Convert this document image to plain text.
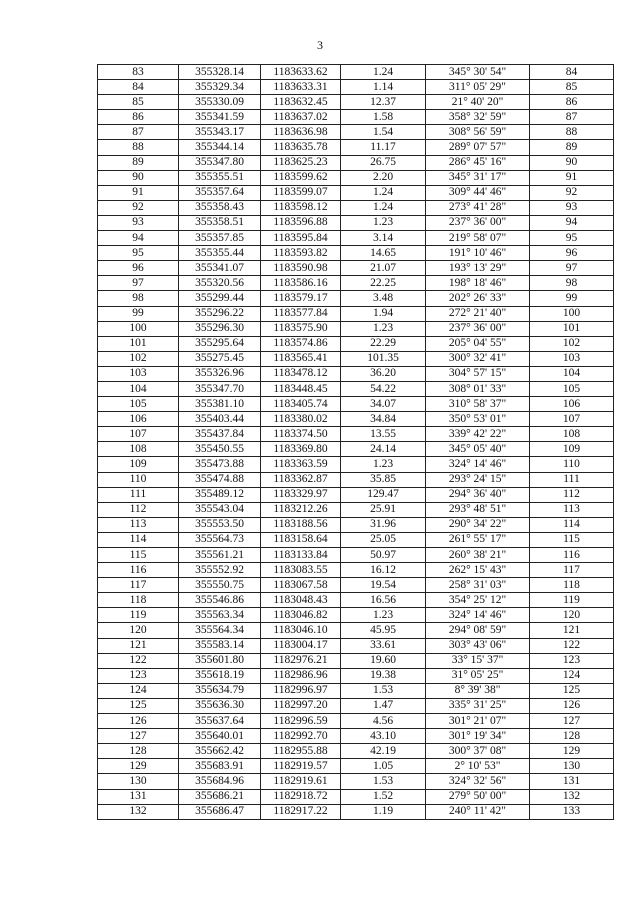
3
83	355328.14	1183633.62	1.24	345° 30' 54"	84
84	355329.34	1183633.31	1.14	311° 05' 29"	85
85	355330.09	1183632.45	12.37	21° 40' 20"	86
86	355341.59	1183637.02	1.58	358° 32' 59"	87
87	355343.17	1183636.98	1.54	308° 56' 59"	88
88	355344.14	1183635.78	11.17	289° 07' 57"	89
89	355347.80	1183625.23	26.75	286° 45' 16"	90
90	355355.51	1183599.62	2.20	345° 31' 17"	91
91	355357.64	1183599.07	1.24	309° 44' 46"	92
92	355358.43	1183598.12	1.24	273° 41' 28"	93
93	355358.51	1183596.88	1.23	237° 36' 00"	94
94	355357.85	1183595.84	3.14	219° 58' 07"	95
95	355355.44	1183593.82	14.65	191° 10' 46"	96
96	355341.07	1183590.98	21.07	193° 13' 29"	97
97	355320.56	1183586.16	22.25	198° 18' 46"	98
98	355299.44	1183579.17	3.48	202° 26' 33"	99
99	355296.22	1183577.84	1.94	272° 21' 40"	100
100	355296.30	1183575.90	1.23	237° 36' 00"	101
101	355295.64	1183574.86	22.29	205° 04' 55"	102
102	355275.45	1183565.41	101.35	300° 32' 41"	103
103	355326.96	1183478.12	36.20	304° 57' 15"	104
104	355347.70	1183448.45	54.22	308° 01' 33"	105
105	355381.10	1183405.74	34.07	310° 58' 37"	106
106	355403.44	1183380.02	34.84	350° 53' 01"	107
107	355437.84	1183374.50	13.55	339° 42' 22"	108
108	355450.55	1183369.80	24.14	345° 05' 40"	109
109	355473.88	1183363.59	1.23	324° 14' 46"	110
110	355474.88	1183362.87	35.85	293° 24' 15"	111
111	355489.12	1183329.97	129.47	294° 36' 40"	112
112	355543.04	1183212.26	25.91	293° 48' 51"	113
113	355553.50	1183188.56	31.96	290° 34' 22"	114
114	355564.73	1183158.64	25.05	261° 55' 17"	115
115	355561.21	1183133.84	50.97	260° 38' 21"	116
116	355552.92	1183083.55	16.12	262° 15' 43"	117
117	355550.75	1183067.58	19.54	258° 31' 03"	118
118	355546.86	1183048.43	16.56	354° 25' 12"	119
119	355563.34	1183046.82	1.23	324° 14' 46"	120
120	355564.34	1183046.10	45.95	294° 08' 59"	121
121	355583.14	1183004.17	33.61	303° 43' 06"	122
122	355601.80	1182976.21	19.60	33° 15' 37"	123
123	355618.19	1182986.96	19.38	31° 05' 25"	124
124	355634.79	1182996.97	1.53	8° 39' 38"	125
125	355636.30	1182997.20	1.47	335° 31' 25"	126
126	355637.64	1182996.59	4.56	301° 21' 07"	127
127	355640.01	1182992.70	43.10	301° 19' 34"	128
128	355662.42	1182955.88	42.19	300° 37' 08"	129
129	355683.91	1182919.57	1.05	2° 10' 53"	130
130	355684.96	1182919.61	1.53	324° 32' 56"	131
131	355686.21	1182918.72	1.52	279° 50' 00"	132
132	355686.47	1182917.22	1.19	240° 11' 42"	133
